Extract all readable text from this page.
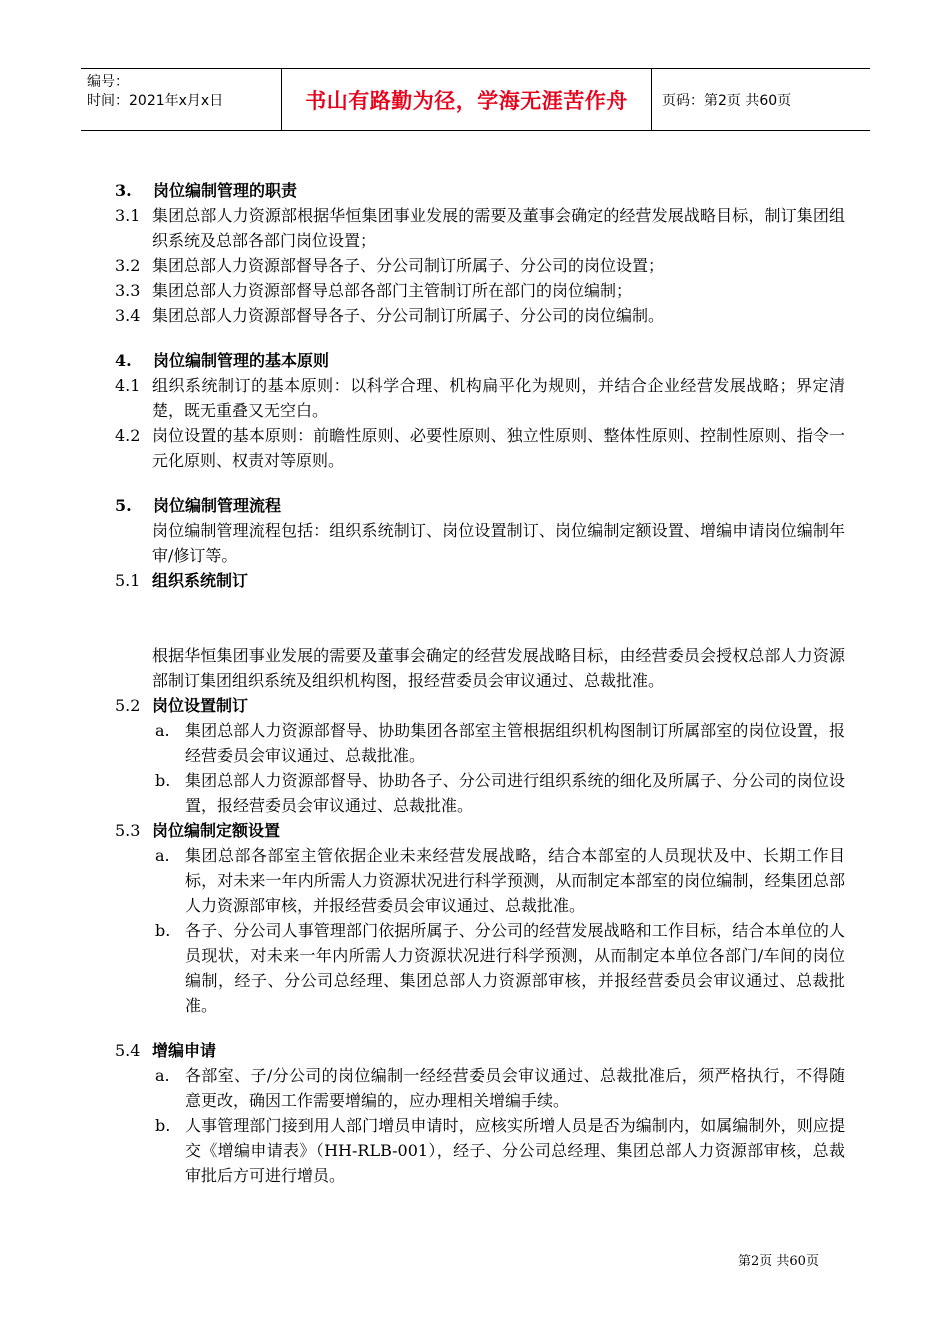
编号：
时间：2021年x月x日	书山有路勤为径，学海无涯苦作舟	页码：第2页 共60页
3.	岗位编制管理的职责
3.1 集团总部人力资源部根据华恒集团事业发展的需要及董事会确定的经营发展战略目标，制订集团组织系统及总部各部门岗位设置；
3.2 集团总部人力资源部督导各子、分公司制订所属子、分公司的岗位设置；
3.3 集团总部人力资源部督导总部各部门主管制订所在部门的岗位编制；
3.4 集团总部人力资源部督导各子、分公司制订所属子、分公司的岗位编制。
4.	岗位编制管理的基本原则
4.1 组织系统制订的基本原则：以科学合理、机构扁平化为规则，并结合企业经营发展战略；界定清楚，既无重叠又无空白。
4.2 岗位设置的基本原则：前瞻性原则、必要性原则、独立性原则、整体性原则、控制性原则、指令一元化原则、权责对等原则。
5.	岗位编制管理流程
岗位编制管理流程包括：组织系统制订、岗位设置制订、岗位编制定额设置、增编申请岗位编制年审/修订等。
5.1 组织系统制订
根据华恒集团事业发展的需要及董事会确定的经营发展战略目标，由经营委员会授权总部人力资源部制订集团组织系统及组织机构图，报经营委员会审议通过、总裁批准。
5.2 岗位设置制订
a. 集团总部人力资源部督导、协助集团各部室主管根据组织机构图制订所属部室的岗位设置，报经营委员会审议通过、总裁批准。
b. 集团总部人力资源部督导、协助各子、分公司进行组织系统的细化及所属子、分公司的岗位设置，报经营委员会审议通过、总裁批准。
5.3 岗位编制定额设置
a. 集团总部各部室主管依据企业未来经营发展战略，结合本部室的人员现状及中、长期工作目标，对未来一年内所需人力资源状况进行科学预测，从而制定本部室的岗位编制，经集团总部人力资源部审核，并报经营委员会审议通过、总裁批准。
b. 各子、分公司人事管理部门依据所属子、分公司的经营发展战略和工作目标，结合本单位的人员现状，对未来一年内所需人力资源状况进行科学预测，从而制定本单位各部门/车间的岗位编制，经子、分公司总经理、集团总部人力资源部审核，并报经营委员会审议通过、总裁批准。
5.4 增编申请
a. 各部室、子/分公司的岗位编制一经经营委员会审议通过、总裁批准后，须严格执行，不得随意更改，确因工作需要增编的，应办理相关增编手续。
b. 人事管理部门接到用人部门增员申请时，应核实所增人员是否为编制内，如属编制外，则应提交《增编申请表》（HH-RLB-001），经子、分公司总经理、集团总部人力资源部审核，总裁审批后方可进行增员。
第2页 共60页
